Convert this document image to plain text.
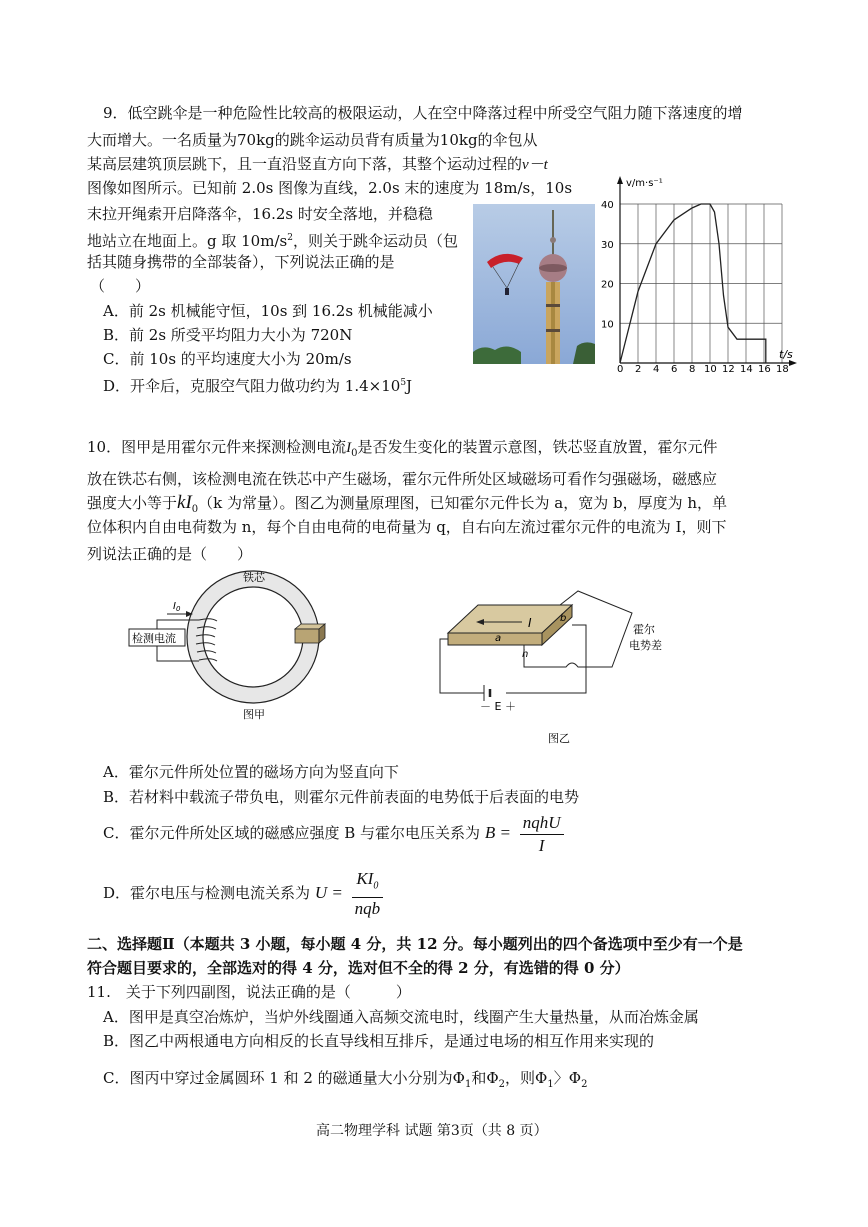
9．低空跳伞是一种危险性比较高的极限运动，人在空中降落过程中所受空气阻力随下落速度的增
大而增大。一名质量为70kg的跳伞运动员背有质量为10kg的伞包从
某高层建筑顶层跳下，且一直沿竖直方向下落，其整个运动过程的v－t
图像如图所示。已知前 2.0s 图像为直线，2.0s 末的速度为 18m/s，10s
末拉开绳索开启降落伞，16.2s 时安全落地，并稳稳
地站立在地面上。g 取 $10m/s^2$，则关于跳伞运动员（包
括其随身携带的全部装备），下列说法正确的是
（　　）
A．前 2s 机械能守恒，10s 到 16.2s 机械能减小
B．前 2s 所受平均阻力大小为 720N
C．前 10s 的平均速度大小为 20m/s
D．开伞后，克服空气阻力做功约为 $1.4\times 10^5J$
v/m·s⁻¹
t/s
10
20
30
40
0 2 4 6 8 10 12 14 16 18
10．图甲是用霍尔元件来探测检测电流$I_0$是否发生变化的装置示意图，铁芯竖直放置，霍尔元件
放在铁芯右侧，该检测电流在铁芯中产生磁场，霍尔元件所处区域磁场可看作匀强磁场，磁感应
强度大小等于$kI_0(k$ 为常量）。图乙为测量原理图，已知霍尔元件长为 a，宽为 b，厚度为 h，单
位体积内自由电荷数为 n，每个自由电荷的电荷量为 q，自右向左流过霍尔元件的电流为 I，则下
列说法正确的是（　　）
铁芯
$I_0$
检测电流
图甲
I
a
b
h
－ E ＋
霍尔
电势差
图乙
A．霍尔元件所处位置的磁场方向为竖直向下
B．若材料中载流子带负电，则霍尔元件前表面的电势低于后表面的电势
C．霍尔元件所处区域的磁感应强度 B 与霍尔电压关系为 $B = \frac{\text{nqhU}}{I}$
D．霍尔电压与检测电流关系为 $U = \frac{KI_0}{\text{nqb}}$
二、选择题Ⅱ（本题共 3 小题，每小题 4 分，共 12 分。每小题列出的四个备选项中至少有一个是
符合题目要求的，全部选对的得 4 分，选对但不全的得 2 分，有选错的得 0 分）
11.　关于下列四副图，说法正确的是（　　　）
A．图甲是真空冶炼炉，当炉外线圈通入高频交流电时，线圈产生大量热量，从而冶炼金属
B．图乙中两根通电方向相反的长直导线相互排斥，是通过电场的相互作用来实现的
C．图丙中穿过金属圆环 1 和 2 的磁通量大小分别为$\Phi_1$和$\Phi_2$，则$\Phi_1$〉$\Phi_2$
高二物理学科 试题 第3页（共 8 页）
